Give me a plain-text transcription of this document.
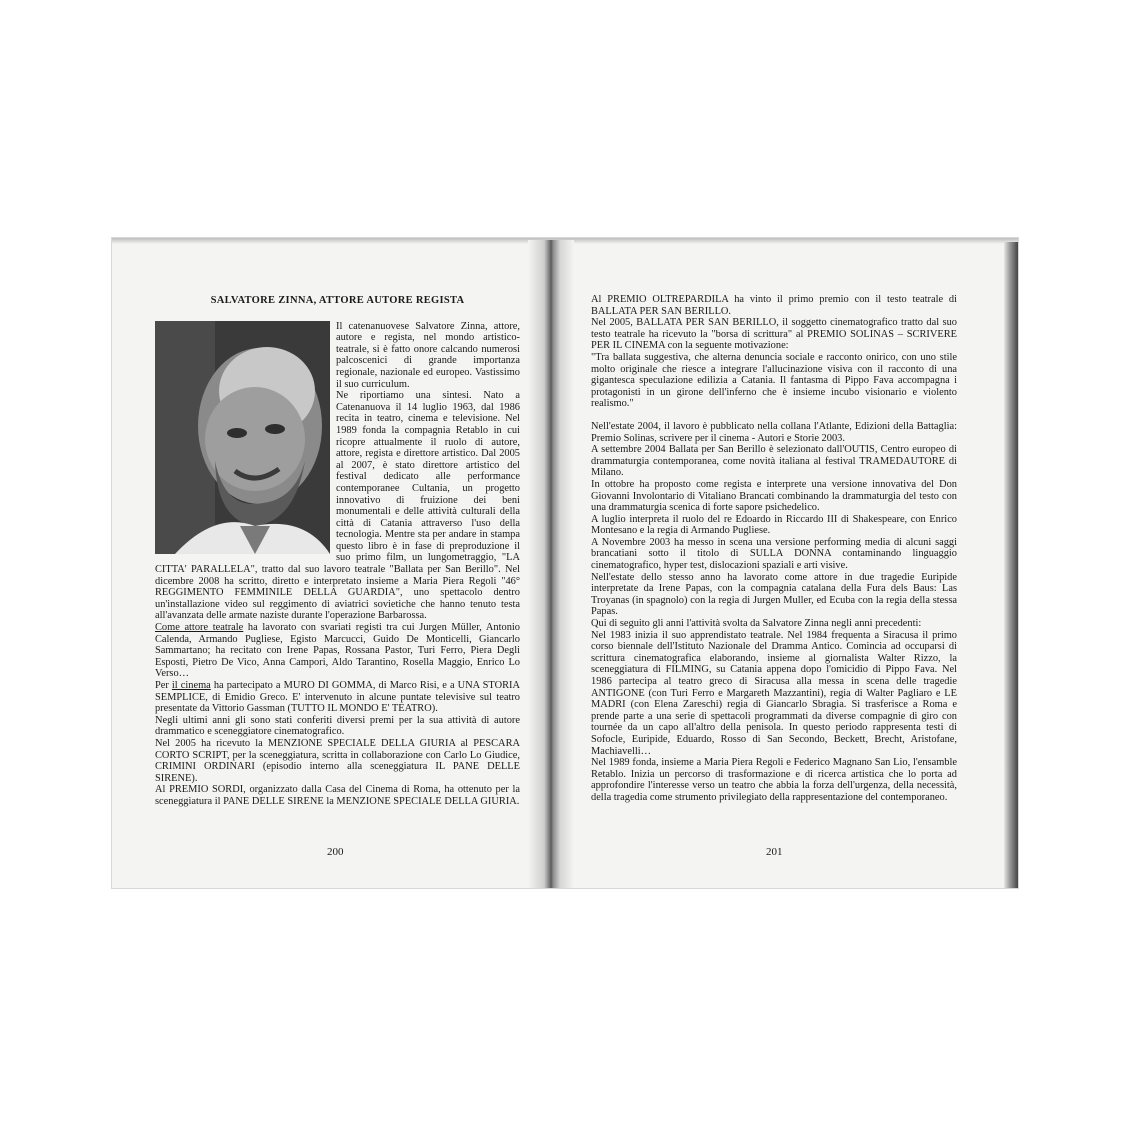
SALVATORE ZINNA, ATTORE AUTORE REGISTA

Il catenanuovese Salvatore Zinna, attore, autore e regista, nel mondo artistico-teatrale, si è fatto onore calcando numerosi palcoscenici di grande importanza regionale, nazionale ed europeo. Vastissimo il suo curriculum.

Ne riportiamo una sintesi. Nato a Catenanuova il 14 luglio 1963, dal 1986 recita in teatro, cinema e televisione. Nel 1989 fonda la compagnia Retablo in cui ricopre attualmente il ruolo di autore, attore, regista e direttore artistico. Dal 2005 al 2007, è stato direttore artistico del festival dedicato alle performance contemporanee Cultania, un progetto innovativo di fruizione dei beni monumentali e delle attività culturali della città di Catania attraverso l'uso della tecnologia. Mentre sta per andare in stampa questo libro è in fase di preproduzione il suo primo film, un lungometraggio, "LA CITTA' PARALLELA", tratto dal suo lavoro teatrale "Ballata per San Berillo". Nel dicembre 2008 ha scritto, diretto e interpretato insieme a Maria Piera Regoli "46° REGGIMENTO FEMMINILE DELLA GUARDIA", uno spettacolo dentro un'installazione video sul reggimento di aviatrici sovietiche che hanno tenuto testa all'avanzata delle armate naziste durante l'operazione Barbarossa.

Come attore teatrale ha lavorato con svariati registi tra cui Jurgen Müller, Antonio Calenda, Armando Pugliese, Egisto Marcucci, Guido De Monticelli, Giancarlo Sammartano; ha recitato con Irene Papas, Rossana Pastor, Turi Ferro, Piera Degli Esposti, Pietro De Vico, Anna Campori, Aldo Tarantino, Rosella Maggio, Enrico Lo Verso…

Per il cinema ha partecipato a MURO DI GOMMA, di Marco Risi, e a UNA STORIA SEMPLICE, di Emidio Greco. E' intervenuto in alcune puntate televisive sul teatro presentate da Vittorio Gassman (TUTTO IL MONDO E' TEATRO).

Negli ultimi anni gli sono stati conferiti diversi premi per la sua attività di autore drammatico e sceneggiatore cinematografico.

Nel 2005 ha ricevuto la MENZIONE SPECIALE DELLA GIURIA al PESCARA CORTO SCRIPT, per la sceneggiatura, scritta in collaborazione con Carlo Lo Giudice, CRIMINI ORDINARI (episodio interno alla sceneggiatura IL PANE DELLE SIRENE).

Al PREMIO SORDI, organizzato dalla Casa del Cinema di Roma, ha ottenuto per la sceneggiatura il PANE DELLE SIRENE la MENZIONE SPECIALE DELLA GIURIA.

Al PREMIO OLTREPARDILA ha vinto il primo premio con il testo teatrale di BALLATA PER SAN BERILLO.

Nel 2005, BALLATA PER SAN BERILLO, il soggetto cinematografico tratto dal suo testo teatrale ha ricevuto la "borsa di scrittura" al PREMIO SOLINAS – SCRIVERE PER IL CINEMA con la seguente motivazione:

"Tra ballata suggestiva, che alterna denuncia sociale e racconto onirico, con uno stile molto originale che riesce a integrare l'allucinazione visiva con il racconto di una gigantesca speculazione edilizia a Catania. Il fantasma di Pippo Fava accompagna i protagonisti in un girone dell'inferno che è insieme incubo visionario e violento realismo."

Nell'estate 2004, il lavoro è pubblicato nella collana l'Atlante, Edizioni della Battaglia: Premio Solinas, scrivere per il cinema - Autori e Storie 2003.

A settembre 2004 Ballata per San Berillo è selezionato dall'OUTIS, Centro europeo di drammaturgia contemporanea, come novità italiana al festival TRAMEDAUTORE di Milano.

In ottobre ha proposto come regista e interprete una versione innovativa del Don Giovanni Involontario di Vitaliano Brancati combinando la drammaturgia del testo con una drammaturgia scenica di forte sapore psichedelico.

A luglio interpreta il ruolo del re Edoardo in Riccardo III di Shakespeare, con Enrico Montesano e la regia di Armando Pugliese.

A Novembre 2003 ha messo in scena una versione performing media di alcuni saggi brancatiani sotto il titolo di SULLA DONNA contaminando linguaggio cinematografico, hyper test, dislocazioni spaziali e arti visive.

Nell'estate dello stesso anno ha lavorato come attore in due tragedie Euripide interpretate da Irene Papas, con la compagnia catalana della Fura dels Baus: Las Troyanas (in spagnolo) con la regia di Jurgen Muller, ed Ecuba con la regia della stessa Papas.

Qui di seguito gli anni l'attività svolta da Salvatore Zinna negli anni precedenti:

Nel 1983 inizia il suo apprendistato teatrale. Nel 1984 frequenta a Siracusa il primo corso biennale dell'Istituto Nazionale del Dramma Antico. Comincia ad occuparsi di scrittura cinematografica elaborando, insieme al giornalista Walter Rizzo, la sceneggiatura di FILMING, su Catania appena dopo l'omicidio di Pippo Fava. Nel 1986 partecipa al teatro greco di Siracusa alla messa in scena delle tragedie ANTIGONE (con Turi Ferro e Margareth Mazzantini), regia di Walter Pagliaro e LE MADRI (con Elena Zareschi) regia di Giancarlo Sbragia. Si trasferisce a Roma e prende parte a una serie di spettacoli programmati da diverse compagnie di giro con tournée da un capo all'altro della penisola. In questo periodo rappresenta testi di Sofocle, Euripide, Eduardo, Rosso di San Secondo, Beckett, Brecht, Aristofane, Machiavelli…

Nel 1989 fonda, insieme a Maria Piera Regoli e Federico Magnano San Lio, l'ensamble Retablo. Inizia un percorso di trasformazione e di ricerca artistica che lo porta ad approfondire l'interesse verso un teatro che abbia la forza dell'urgenza, della necessità, della tragedia come strumento privilegiato della rappresentazione del contemporaneo.

200	201
